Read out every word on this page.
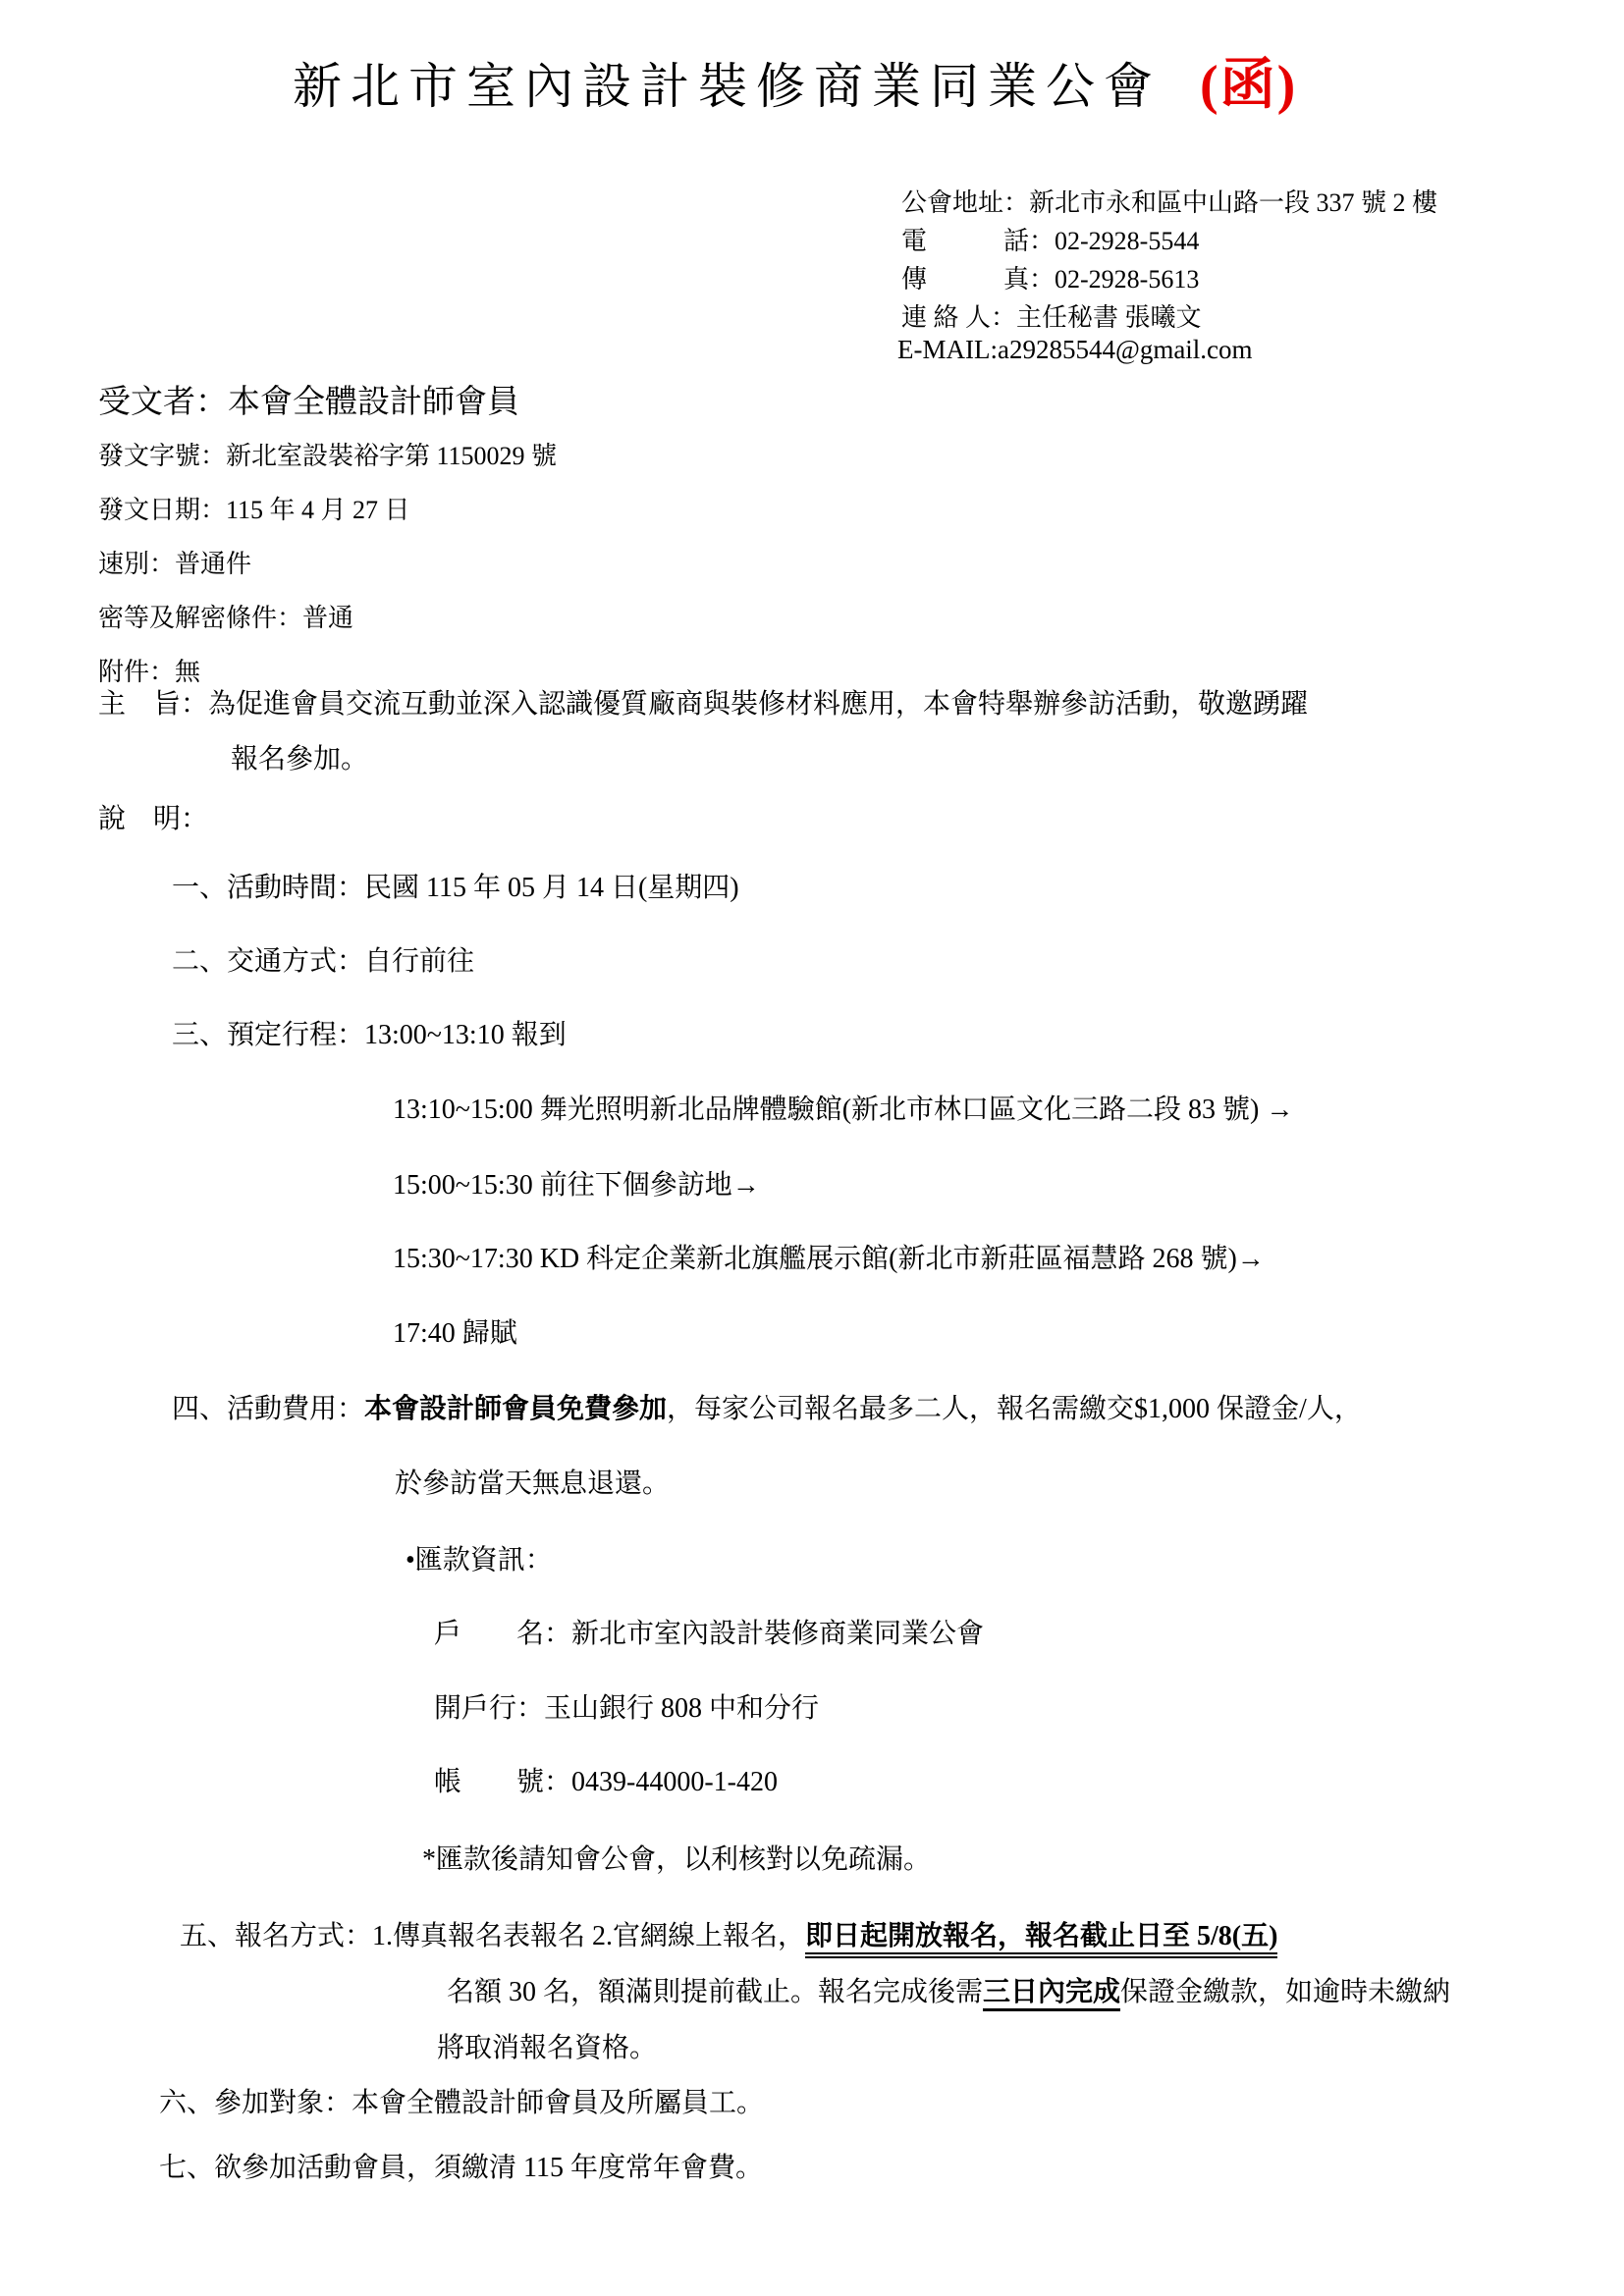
新北市室內設計裝修商業同業公會 (函)
公會地址：新北市永和區中山路一段 337 號 2 樓
電　　　話：02-2928-5544
傳　　　真：02-2928-5613
連 絡 人：主任秘書 張曦文
E-MAIL:a29285544@gmail.com
受文者：本會全體設計師會員
發文字號：新北室設裝裕字第 1150029 號
發文日期：115 年 4 月 27 日
速別：普通件
密等及解密條件：普通
附件：無
主　旨：為促進會員交流互動並深入認識優質廠商與裝修材料應用，本會特舉辦參訪活動，敬邀踴躍
報名參加。
說　明：
一、活動時間：民國 115 年 05 月 14 日(星期四)
二、交通方式：自行前往
三、預定行程：13:00~13:10 報到
13:10~15:00 舞光照明新北品牌體驗館(新北市林口區文化三路二段 83 號) →
15:00~15:30 前往下個參訪地→
15:30~17:30 KD 科定企業新北旗艦展示館(新北市新莊區福慧路 268 號)→
17:40 歸賦
四、活動費用：本會設計師會員免費參加，每家公司報名最多二人，報名需繳交$1,000 保證金/人，
於參訪當天無息退還。
•匯款資訊：
戶　　名：新北市室內設計裝修商業同業公會
開戶行：玉山銀行 808 中和分行
帳　　號：0439-44000-1-420
*匯款後請知會公會，以利核對以免疏漏。
五、報名方式：1.傳真報名表報名 2.官網線上報名，即日起開放報名，報名截止日至 5/8(五)
名額 30 名，額滿則提前截止。報名完成後需三日內完成保證金繳款，如逾時未繳納
將取消報名資格。
六、參加對象：本會全體設計師會員及所屬員工。
七、欲參加活動會員，須繳清 115 年度常年會費。
